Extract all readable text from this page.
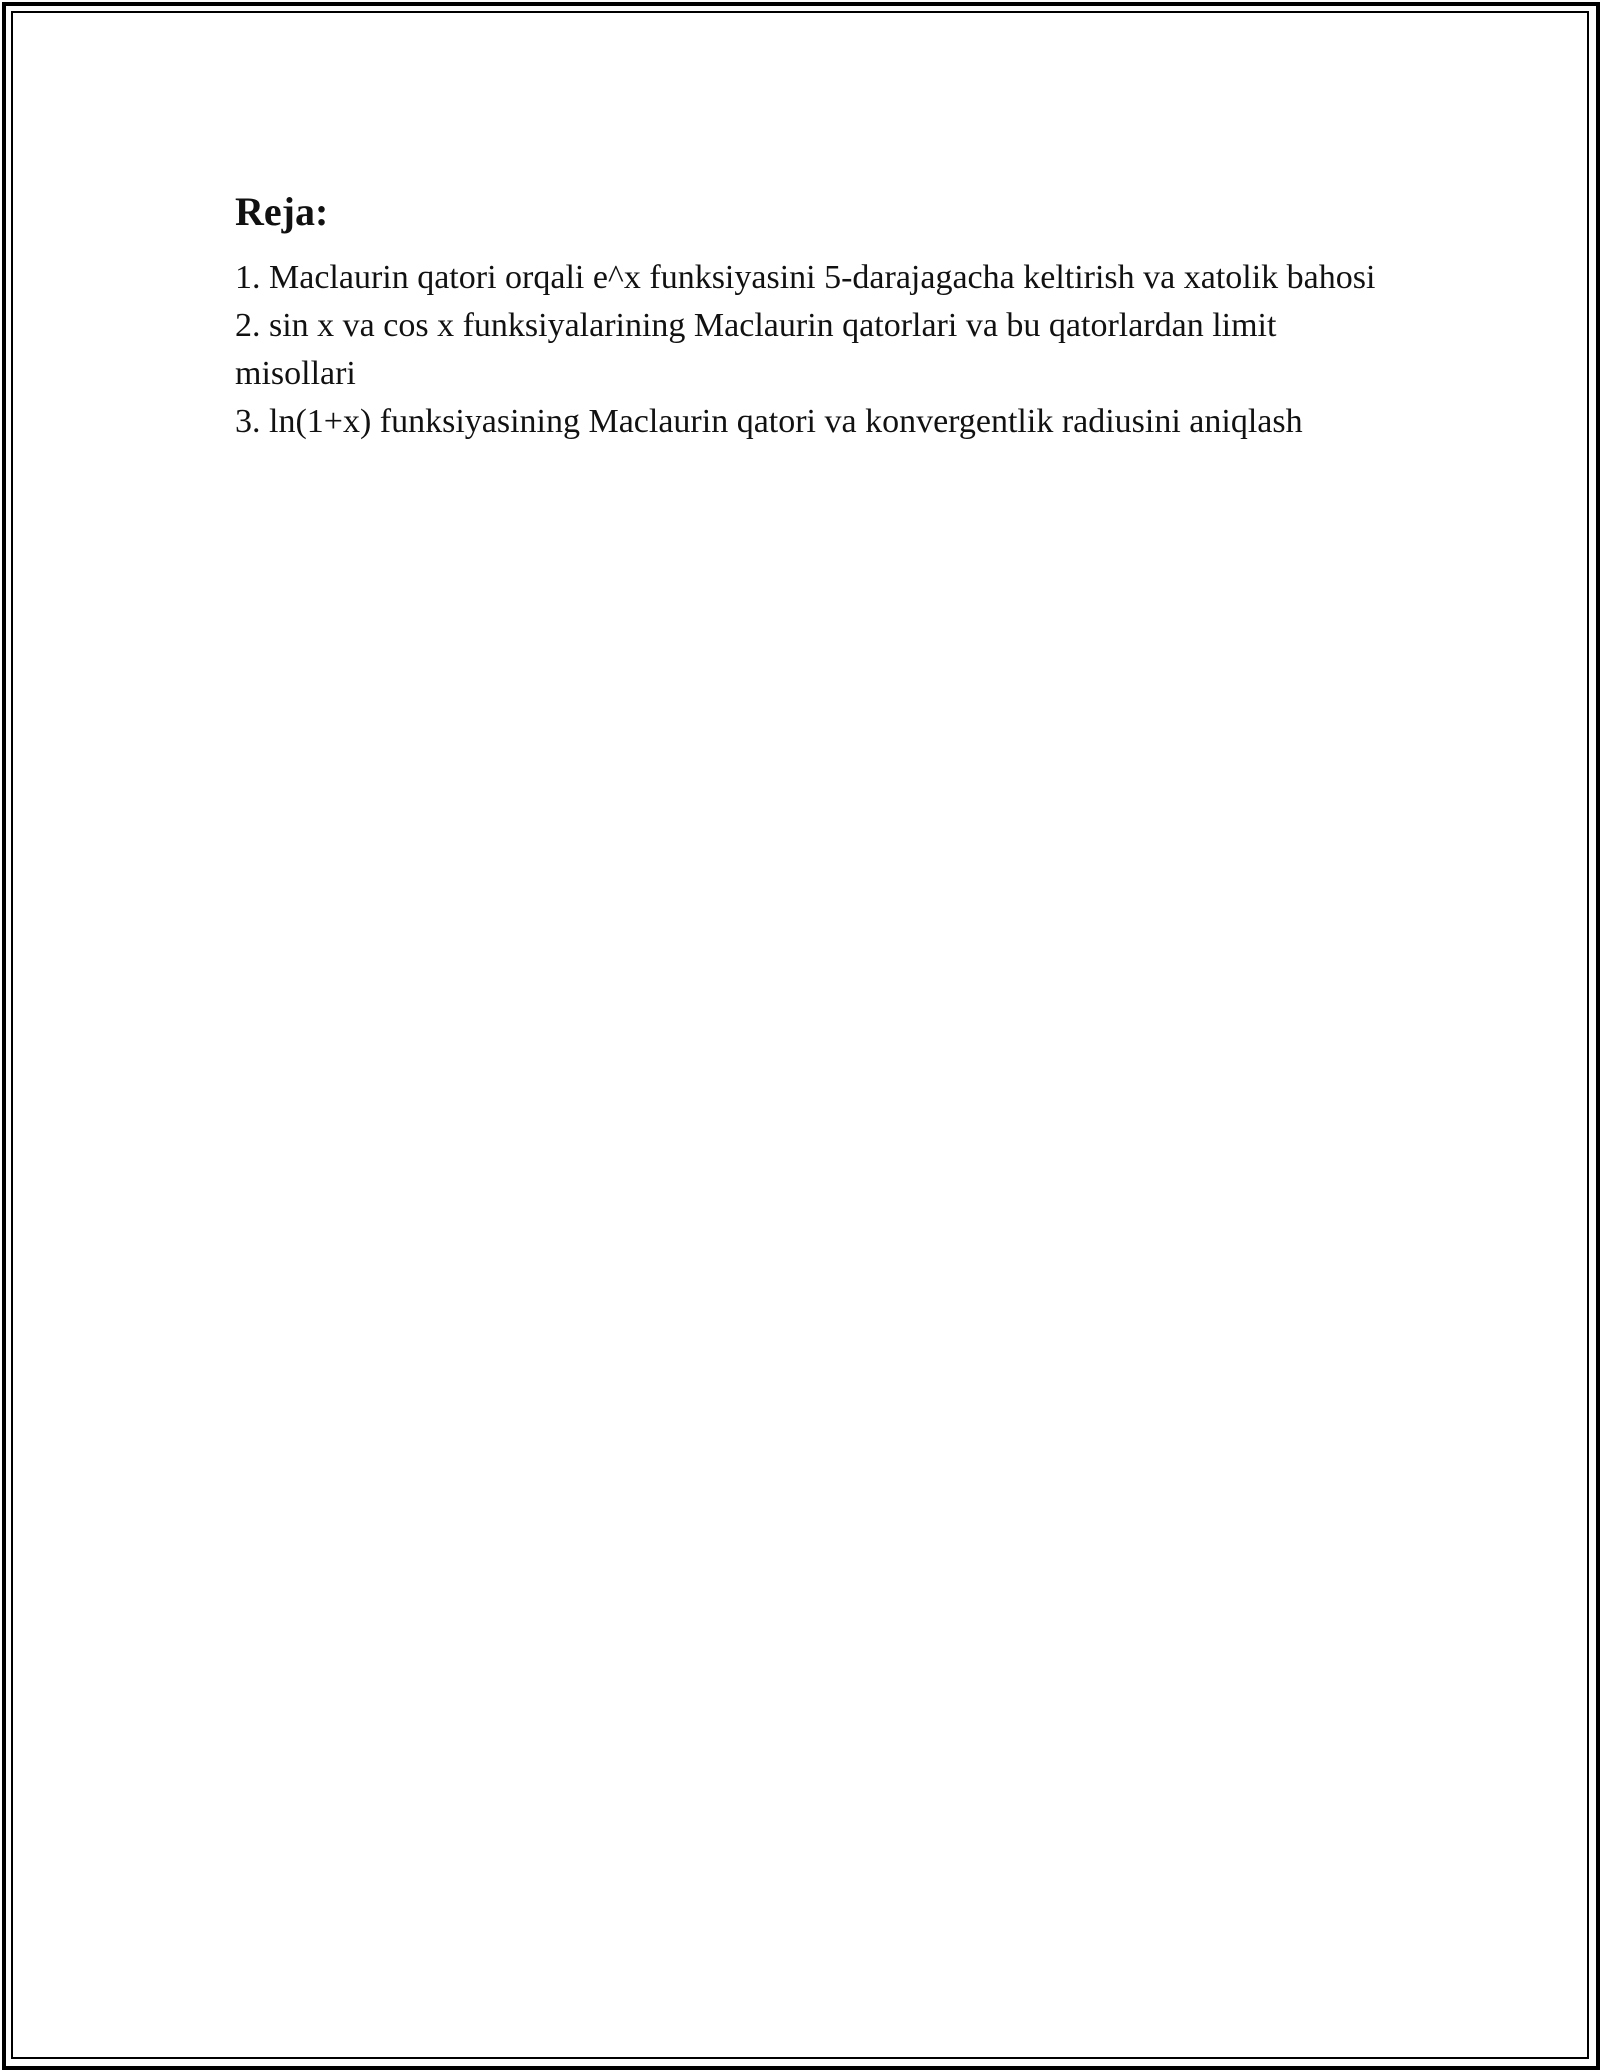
Reja:
1. Maclaurin qatori orqali e^x funksiyasini 5-darajagacha keltirish va xatolik bahosi
2. sin x va cos x funksiyalarining Maclaurin qatorlari va bu qatorlardan limit misollari
3. ln(1+x) funksiyasining Maclaurin qatori va konvergentlik radiusini aniqlash
